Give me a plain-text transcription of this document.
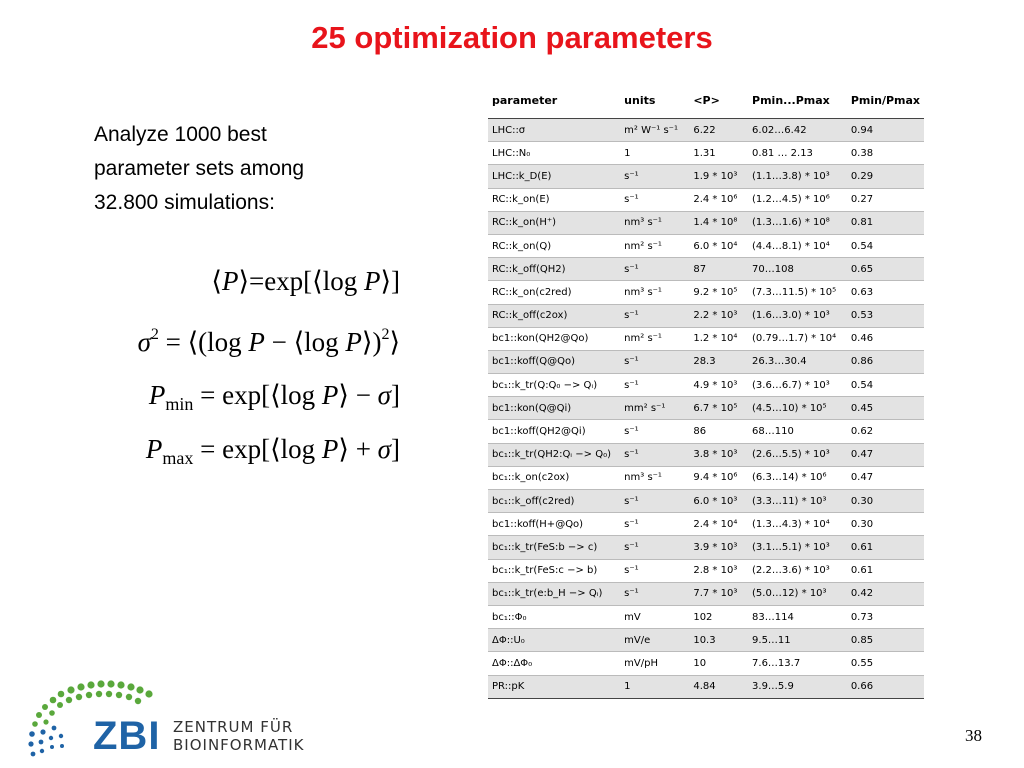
25 optimization parameters
Analyze 1000 best
parameter sets among
32.800 simulations:
⟨P⟩=exp[⟨log P⟩]
$\sigma^2$ = ⟨(log P − ⟨log P⟩)$^2$⟩
$P_{min}$ = exp[⟨log P⟩ − σ]
$P_{max}$ = exp[⟨log P⟩ + σ]
parameter	units	<P>	Pmin...Pmax	Pmin/Pmax
LHC::σ	m² W⁻¹ s⁻¹	6.22	6.02…6.42	0.94
LHC::N₀	1	1.31	0.81 … 2.13	0.38
LHC::k_D(E)	s⁻¹	1.9 * 10³	(1.1…3.8) * 10³	0.29
RC::k_on(E)	s⁻¹	2.4 * 10⁶	(1.2…4.5) * 10⁶	0.27
RC::k_on(H⁺)	nm³ s⁻¹	1.4 * 10⁸	(1.3…1.6) * 10⁸	0.81
RC::k_on(Q)	nm² s⁻¹	6.0 * 10⁴	(4.4…8.1) * 10⁴	0.54
RC::k_off(QH2)	s⁻¹	87	70…108	0.65
RC::k_on(c2red)	nm³ s⁻¹	9.2 * 10⁵	(7.3…11.5) * 10⁵	0.63
RC::k_off(c2ox)	s⁻¹	2.2 * 10³	(1.6…3.0) * 10³	0.53
bc1::kon(QH2@Qo)	nm² s⁻¹	1.2 * 10⁴	(0.79…1.7) * 10⁴	0.46
bc1::koff(Q@Qo)	s⁻¹	28.3	26.3…30.4	0.86
bc₁::k_tr(Q:Q₀ −> Qᵢ)	s⁻¹	4.9 * 10³	(3.6…6.7) * 10³	0.54
bc1::kon(Q@Qi)	mm² s⁻¹	6.7 * 10⁵	(4.5…10) * 10⁵	0.45
bc1::koff(QH2@Qi)	s⁻¹	86	68…110	0.62
bc₁::k_tr(QH2:Qᵢ −> Q₀)	s⁻¹	3.8 * 10³	(2.6…5.5) * 10³	0.47
bc₁::k_on(c2ox)	nm³ s⁻¹	9.4 * 10⁶	(6.3…14) * 10⁶	0.47
bc₁::k_off(c2red)	s⁻¹	6.0 * 10³	(3.3…11) * 10³	0.30
bc1::koff(H+@Qo)	s⁻¹	2.4 * 10⁴	(1.3…4.3) * 10⁴	0.30
bc₁::k_tr(FeS:b −> c)	s⁻¹	3.9 * 10³	(3.1…5.1) * 10³	0.61
bc₁::k_tr(FeS:c −> b)	s⁻¹	2.8 * 10³	(2.2…3.6) * 10³	0.61
bc₁::k_tr(e:b_H −> Qᵢ)	s⁻¹	7.7 * 10³	(5.0…12) * 10³	0.42
bc₁::Φ₀	mV	102	83…114	0.73
ΔΦ::U₀	mV/e	10.3	9.5…11	0.85
ΔΦ::ΔΦ₀	mV/pH	10	7.6…13.7	0.55
PR::pK	1	4.84	3.9…5.9	0.66
ZBI ZENTRUM FÜR
BIOINFORMATIK	38
